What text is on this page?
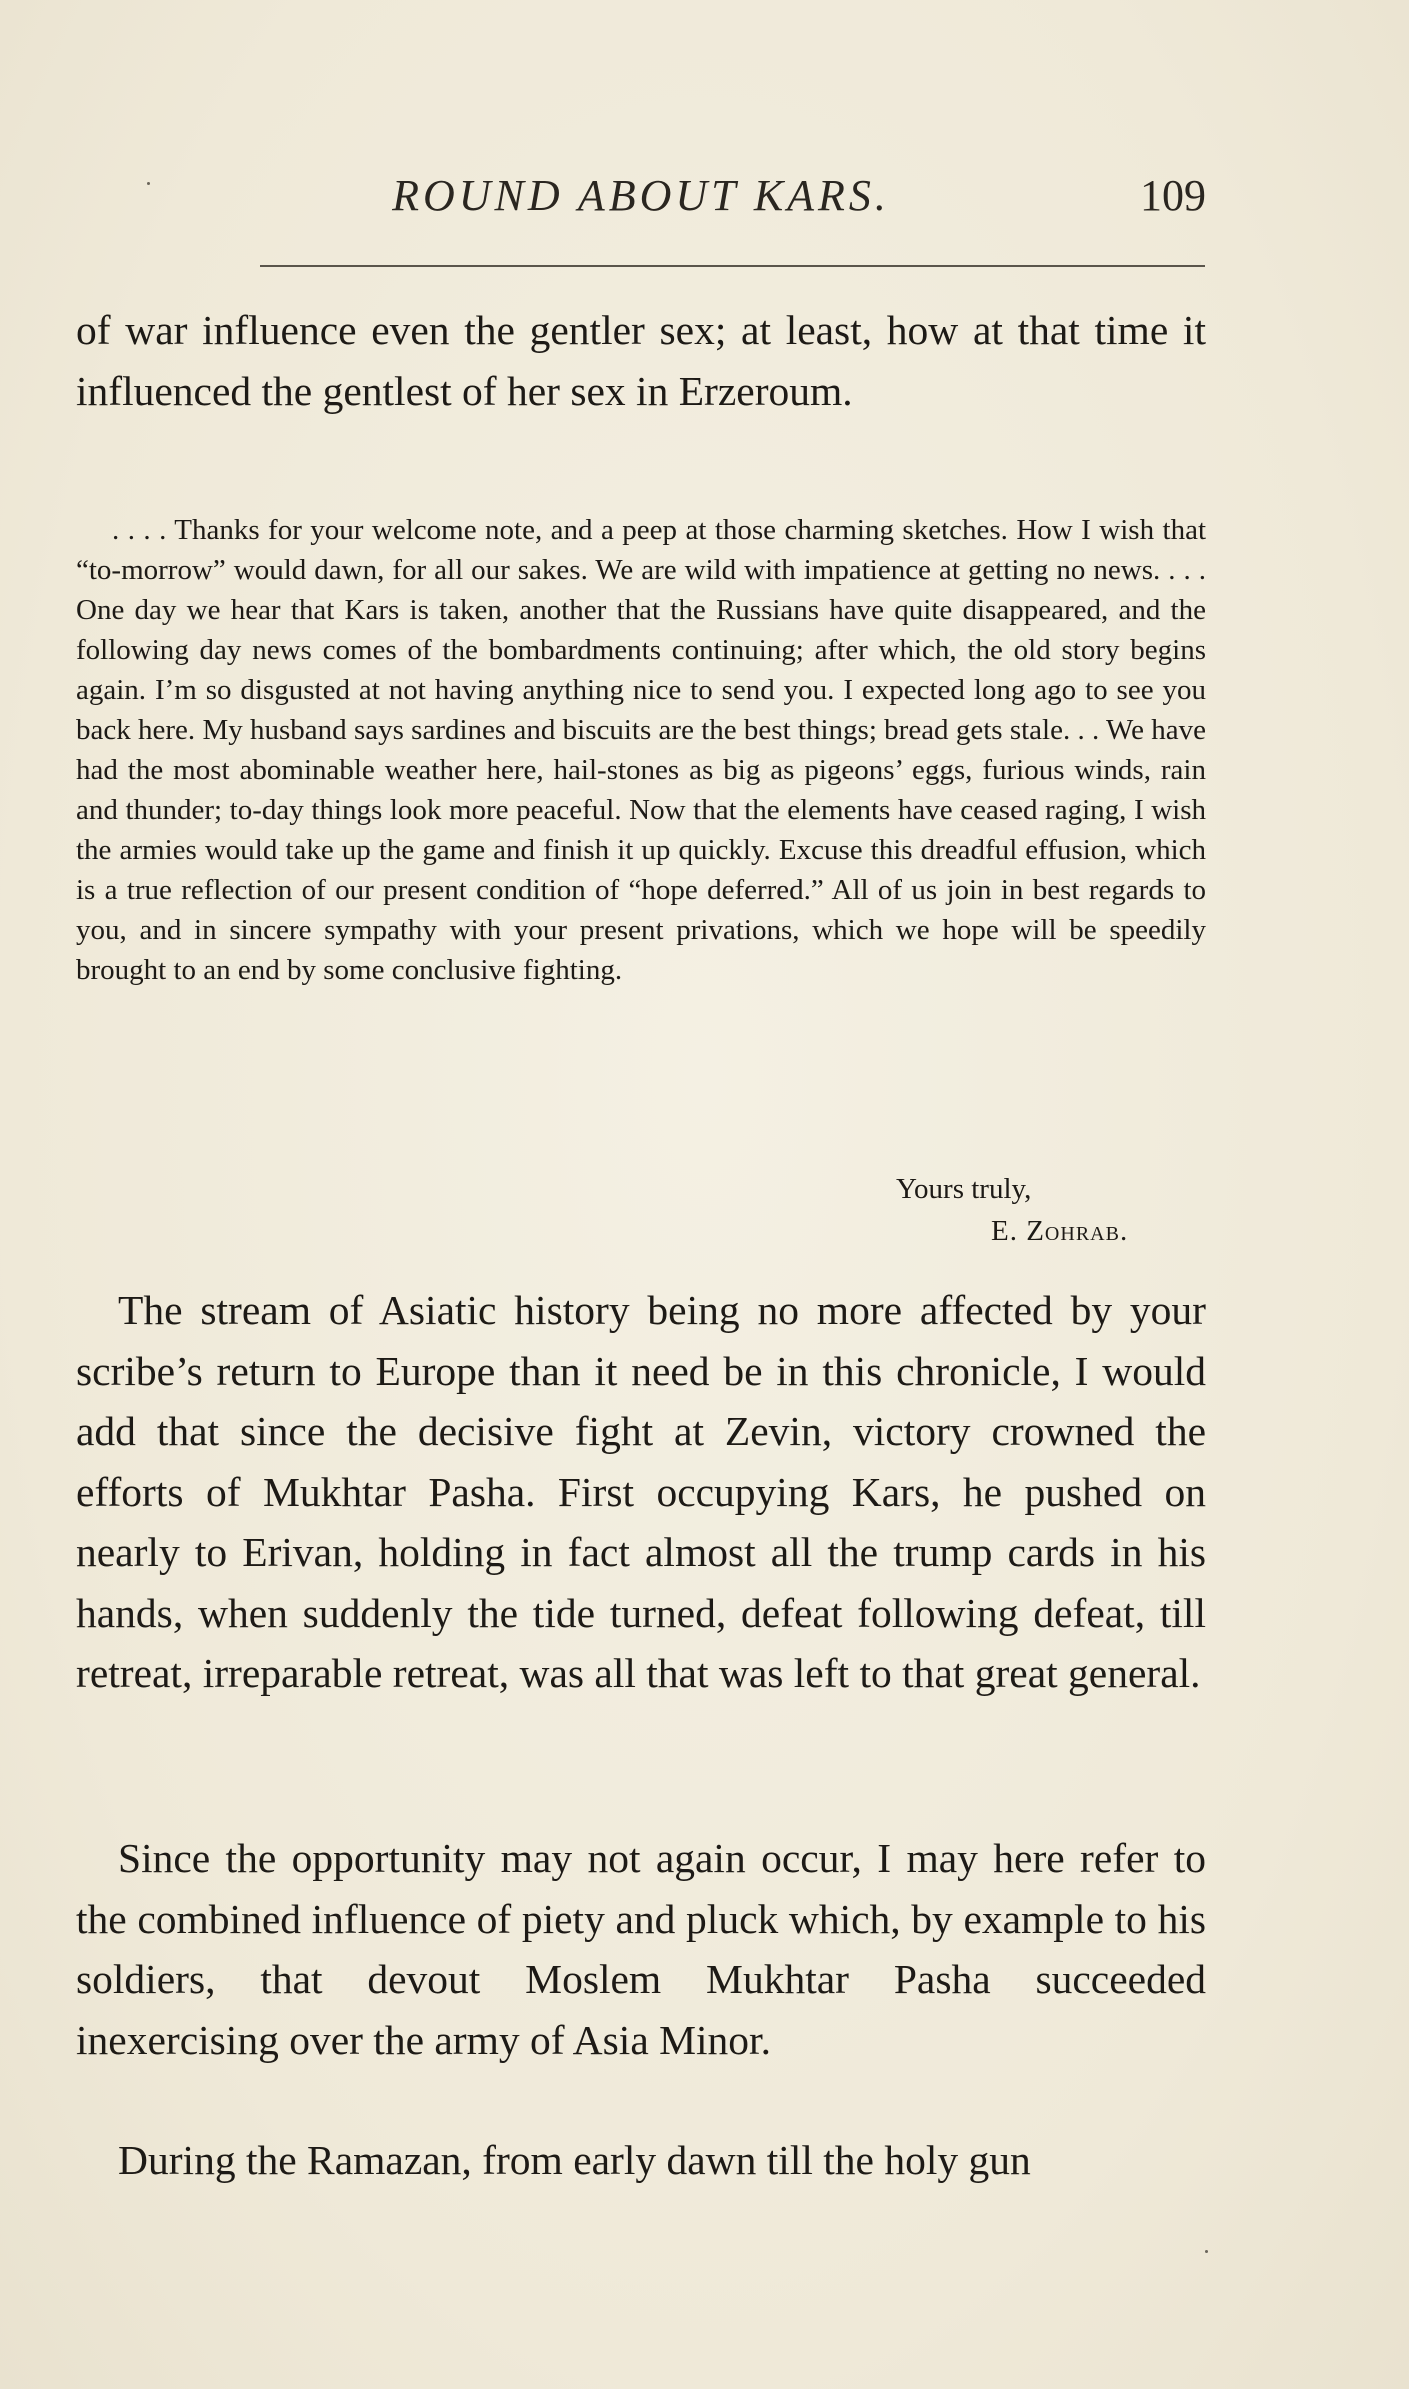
ROUND ABOUT KARS.	109

of war influence even the gentler sex; at least, how at that time it influenced the gentlest of her sex in Erzeroum.

. . . . Thanks for your welcome note, and a peep at those charming sketches. How I wish that “to-morrow” would dawn, for all our sakes. We are wild with impatience at getting no news. . . . One day we hear that Kars is taken, another that the Russians have quite disappeared, and the following day news comes of the bombardments continuing; after which, the old story begins again. I’m so disgusted at not having anything nice to send you. I expected long ago to see you back here. My husband says sardines and biscuits are the best things; bread gets stale. . . We have had the most abominable weather here, hail-stones as big as pigeons’ eggs, furious winds, rain and thunder; to-day things look more peaceful. Now that the elements have ceased raging, I wish the armies would take up the game and finish it up quickly. Excuse this dreadful effusion, which is a true reflection of our present condition of “hope deferred.” All of us join in best regards to you, and in sincere sympathy with your present privations, which we hope will be speedily brought to an end by some conclusive fighting.

Yours truly,
E. Zohrab.

The stream of Asiatic history being no more affected by your scribe’s return to Europe than it need be in this chronicle, I would add that since the decisive fight at Zevin, victory crowned the efforts of Mukhtar Pasha. First occupying Kars, he pushed on nearly to Erivan, holding in fact almost all the trump cards in his hands, when suddenly the tide turned, defeat following defeat, till retreat, irreparable retreat, was all that was left to that great general.

Since the opportunity may not again occur, I may here refer to the combined influence of piety and pluck which, by example to his soldiers, that devout Moslem Mukhtar Pasha succeeded inexercising over the army of Asia Minor.

During the Ramazan, from early dawn till the holy gun
